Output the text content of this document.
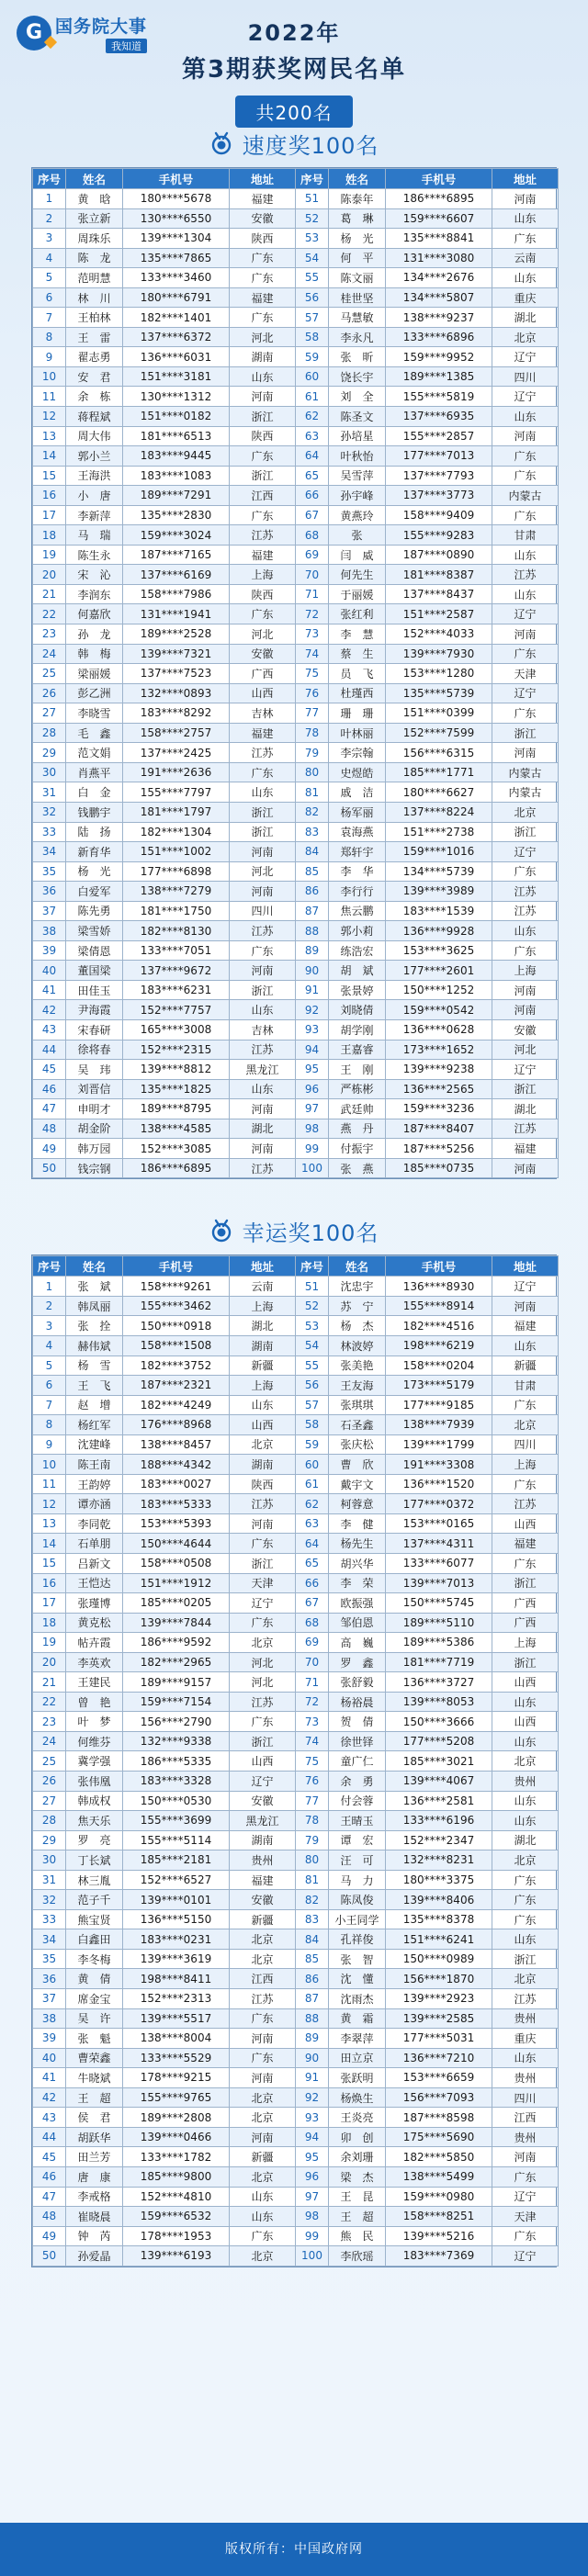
G 国务院大事
我知道
2022年
第3期获奖网民名单
共200名
速度奖100名
序号	姓名	手机号	地址	序号	姓名	手机号	地址
1	黄　晗	180****5678	福建	51	陈泰年	186****6895	河南
2	张立新	130****6550	安徽	52	葛　琳	159****6607	山东
3	周珠乐	139****1304	陕西	53	杨　光	135****8841	广东
4	陈　龙	135****7865	广东	54	何　平	131****3080	云南
5	范明慧	133****3460	广东	55	陈文丽	134****2676	山东
6	林　川	180****6791	福建	56	桂世坚	134****5807	重庆
7	王柏林	182****1401	广东	57	马慧敏	138****9237	湖北
8	王　雷	137****6372	河北	58	李永凡	133****6896	北京
9	翟志勇	136****6031	湖南	59	张　昕	159****9952	辽宁
10	安　君	151****3181	山东	60	饶长宇	189****1385	四川
11	余　栋	130****1312	河南	61	刘　全	155****5819	辽宁
12	蒋程斌	151****0182	浙江	62	陈圣文	137****6935	山东
13	周大伟	181****6513	陕西	63	孙培星	155****2857	河南
14	郭小兰	183****9445	广东	64	叶秋怡	177****7013	广东
15	王海洪	183****1083	浙江	65	吴雪萍	137****7793	广东
16	小　唐	189****7291	江西	66	孙宇峰	137****3773	内蒙古
17	李新萍	135****2830	广东	67	黄燕玲	158****9409	广东
18	马　瑞	159****3024	江苏	68	张　　	155****9283	甘肃
19	陈生永	187****7165	福建	69	闫　威	187****0890	山东
20	宋　沁	137****6169	上海	70	何先生	181****8387	江苏
21	李润东	158****7986	陕西	71	于丽媛	137****8437	山东
22	何嘉欣	131****1941	广东	72	张红利	151****2587	辽宁
23	孙　龙	189****2528	河北	73	李　慧	152****4033	河南
24	韩　梅	139****7321	安徽	74	蔡　生	139****7930	广东
25	梁丽媛	137****7523	广西	75	员　飞	153****1280	天津
26	彭乙洲	132****0893	山西	76	杜瑾西	135****5739	辽宁
27	李晓雪	183****8292	吉林	77	珊　珊	151****0399	广东
28	毛　鑫	158****2757	福建	78	叶林丽	152****7599	浙江
29	范文娟	137****2425	江苏	79	李宗翰	156****6315	河南
30	肖燕平	191****2636	广东	80	史煜皓	185****1771	内蒙古
31	白　金	155****7797	山东	81	戚　洁	180****6627	内蒙古
32	钱鹏宇	181****1797	浙江	82	杨军丽	137****8224	北京
33	陆　扬	182****1304	浙江	83	袁海燕	151****2738	浙江
34	新育华	151****1002	河南	84	郑轩宇	159****1016	辽宁
35	杨　光	177****6898	河北	85	李　华	134****5739	广东
36	白爱军	138****7279	河南	86	李行行	139****3989	江苏
37	陈先勇	181****1750	四川	87	焦云鹏	183****1539	江苏
38	梁雪娇	182****8130	江苏	88	郭小莉	136****9928	山东
39	梁倩恩	133****7051	广东	89	练浩宏	153****3625	广东
40	董国梁	137****9672	河南	90	胡　斌	177****2601	上海
41	田佳玉	183****6231	浙江	91	张景婷	150****1252	河南
42	尹海霞	152****7757	山东	92	刘晓倩	159****0542	河南
43	宋春研	165****3008	吉林	93	胡学刚	136****0628	安徽
44	徐将春	152****2315	江苏	94	王嘉睿	173****1652	河北
45	吴　玮	139****8812	黑龙江	95	王　刚	139****9238	辽宁
46	刘晋信	135****1825	山东	96	严栋彬	136****2565	浙江
47	申明才	189****8795	河南	97	武廷帅	159****3236	湖北
48	胡金阶	138****4585	湖北	98	燕　丹	187****8407	江苏
49	韩万园	152****3085	河南	99	付振宇	187****5256	福建
50	钱宗钢	186****6895	江苏	100	张　燕	185****0735	河南
幸运奖100名
序号	姓名	手机号	地址	序号	姓名	手机号	地址
1	张　斌	158****9261	云南	51	沈忠宇	136****8930	辽宁
2	韩凤丽	155****3462	上海	52	苏　宁	155****8914	河南
3	张　拴	150****0918	湖北	53	杨　杰	182****4516	福建
4	赫伟斌	158****1508	湖南	54	林波婷	198****6219	山东
5	杨　雪	182****3752	新疆	55	张美艳	158****0204	新疆
6	王　飞	187****2321	上海	56	王友海	173****5179	甘肃
7	赵　增	182****4249	山东	57	张琪琪	177****9185	广东
8	杨红军	176****8968	山西	58	石圣鑫	138****7939	北京
9	沈建峰	138****8457	北京	59	张庆松	139****1799	四川
10	陈王南	188****4342	湖南	60	曹　欣	191****3308	上海
11	王韵婷	183****0027	陕西	61	戴宇文	136****1520	广东
12	谭亦涵	183****5333	江苏	62	柯蓉意	177****0372	江苏
13	李同乾	153****5393	河南	63	李　健	153****0165	山西
14	石单朋	150****4644	广东	64	杨先生	137****4311	福建
15	吕新文	158****0508	浙江	65	胡兴华	133****6077	广东
16	王恺达	151****1912	天津	66	李　荣	139****7013	浙江
17	张瑾博	185****0205	辽宁	67	欧振强	150****5745	广西
18	黄克松	139****7844	广东	68	邹伯恩	189****5110	广西
19	帖卉霞	186****9592	北京	69	高　巍	189****5386	上海
20	李英欢	182****2965	河北	70	罗　鑫	181****7719	浙江
21	王建民	189****9157	河北	71	张舒毅	136****3727	山西
22	曾　艳	159****7154	江苏	72	杨裕晨	139****8053	山东
23	叶　梦	156****2790	广东	73	贺　倩	150****3666	山西
24	何维芬	132****9338	浙江	74	徐世铎	177****5208	山东
25	冀学强	186****5335	山西	75	童广仁	185****3021	北京
26	张伟凰	183****3328	辽宁	76	余　勇	139****4067	贵州
27	韩成权	150****0530	安徽	77	付会蓉	136****2581	山东
28	焦天乐	155****3699	黑龙江	78	王晴玉	133****6196	山东
29	罗　亮	155****5114	湖南	79	谭　宏	152****2347	湖北
30	丁长斌	185****2181	贵州	80	汪　可	132****8231	北京
31	林三胤	152****6527	福建	81	马　力	180****3375	广东
32	范子千	139****0101	安徽	82	陈凤俊	139****8406	广东
33	熊宝贤	136****5150	新疆	83	小王同学	135****8378	广东
34	白鑫田	183****0231	北京	84	孔祥俊	151****6241	山东
35	李冬梅	139****3619	北京	85	张　智	150****0989	浙江
36	黄　倩	198****8411	江西	86	沈　懂	156****1870	北京
37	席金宝	152****2313	江苏	87	沈雨杰	139****2923	江苏
38	吴　许	139****5517	广东	88	黄　霜	139****2585	贵州
39	张　魁	138****8004	河南	89	李翠萍	177****5031	重庆
40	曹荣鑫	133****5529	广东	90	田立京	136****7210	山东
41	牛晓斌	178****9215	河南	91	张跃明	153****6659	贵州
42	王　超	155****9765	北京	92	杨焕生	156****7093	四川
43	侯　君	189****2808	北京	93	王炎亮	187****8598	江西
44	胡跃华	139****0466	河南	94	卯　创	175****5690	贵州
45	田兰芳	133****1782	新疆	95	余刘珊	182****5850	河南
46	唐　康	185****9800	北京	96	梁　杰	138****5499	广东
47	李戒格	152****4810	山东	97	王　昆	159****0980	辽宁
48	崔晓晨	159****6532	山东	98	王　超	158****8251	天津
49	钟　芮	178****1953	广东	99	熊　民	139****5216	广东
50	孙爱晶	139****6193	北京	100	李欣瑶	183****7369	辽宁
版权所有：中国政府网
